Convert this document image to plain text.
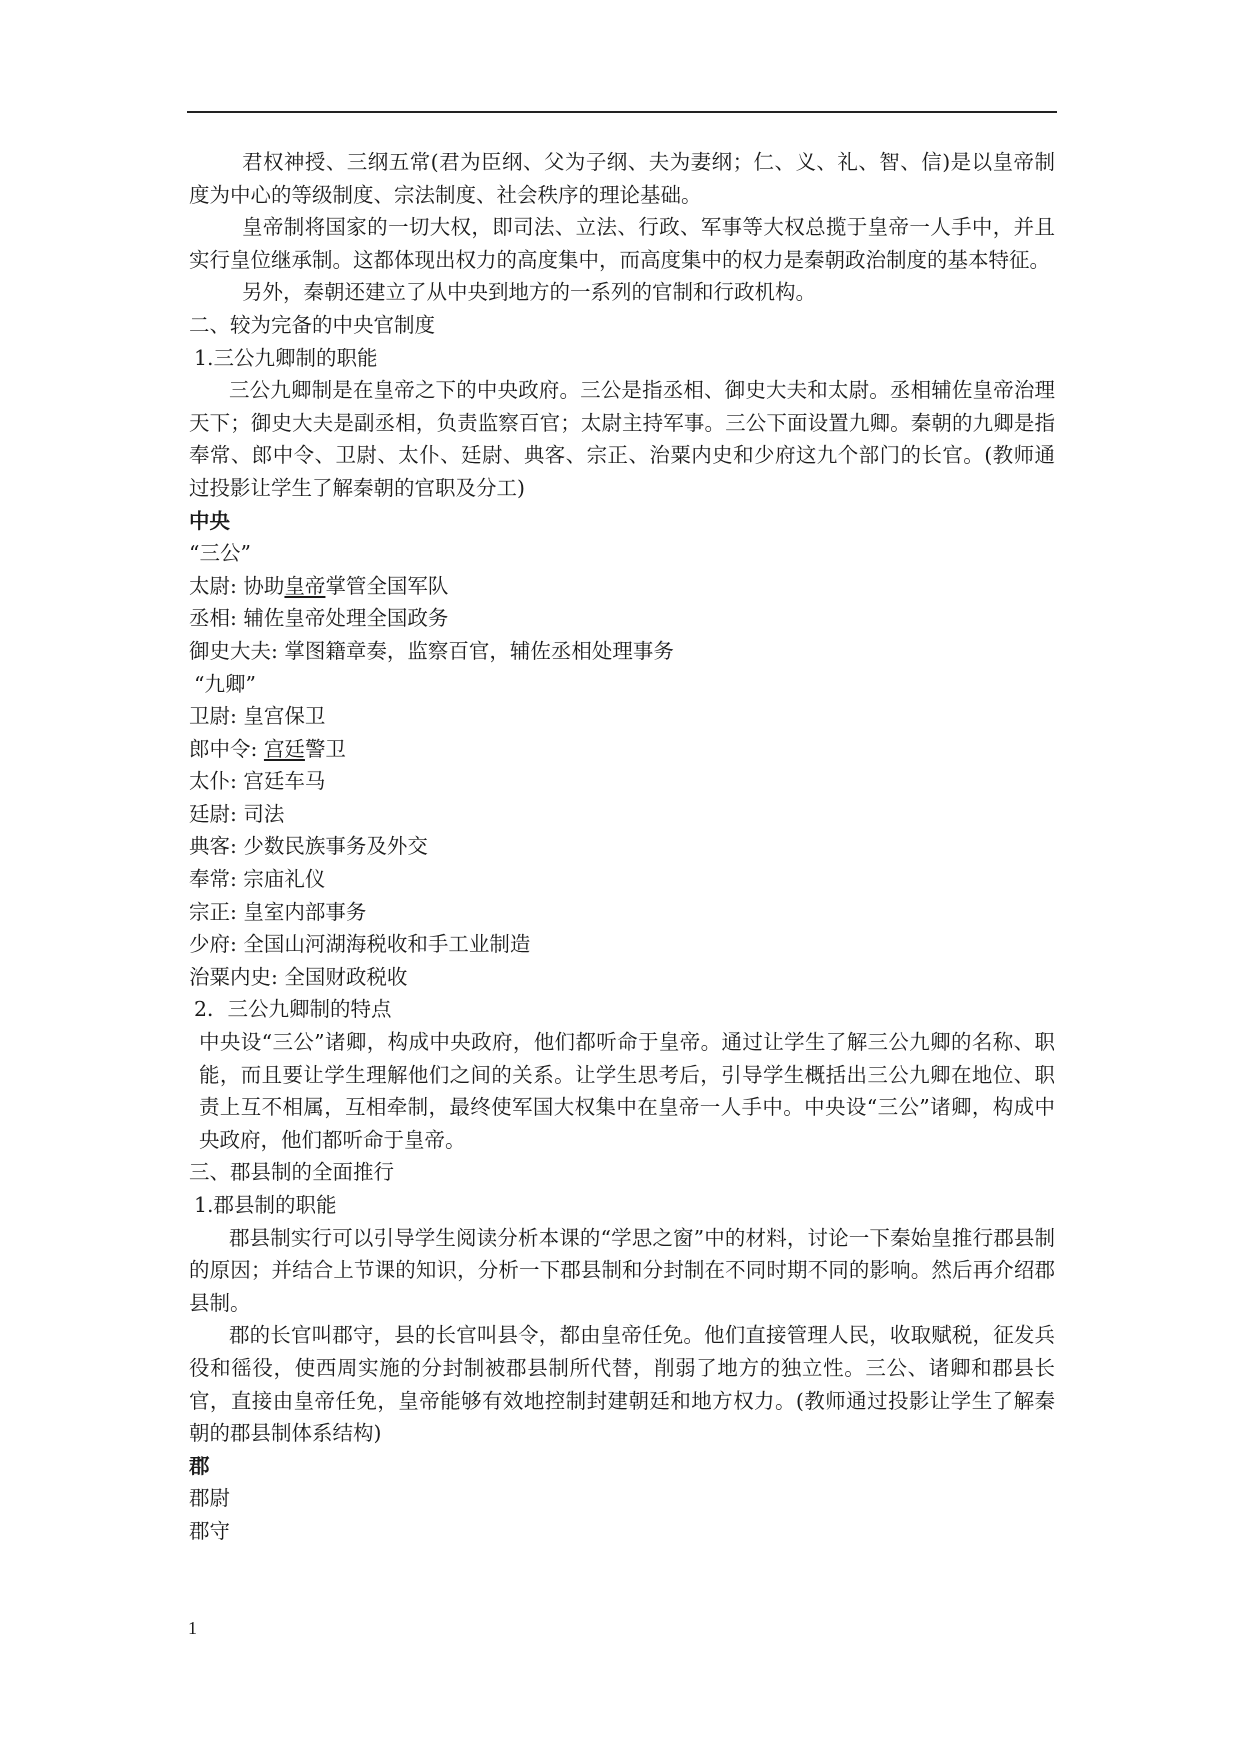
君权神授、三纲五常(君为臣纲、父为子纲、夫为妻纲；仁、义、礼、智、信)是以皇帝制度为中心的等级制度、宗法制度、社会秩序的理论基础。

皇帝制将国家的一切大权，即司法、立法、行政、军事等大权总揽于皇帝一人手中，并且实行皇位继承制。这都体现出权力的高度集中，而高度集中的权力是秦朝政治制度的基本特征。

另外，秦朝还建立了从中央到地方的一系列的官制和行政机构。

二、较为完备的中央官制度

1.三公九卿制的职能

三公九卿制是在皇帝之下的中央政府。三公是指丞相、御史大夫和太尉。丞相辅佐皇帝治理天下；御史大夫是副丞相，负责监察百官；太尉主持军事。三公下面设置九卿。秦朝的九卿是指奉常、郎中令、卫尉、太仆、廷尉、典客、宗正、治粟内史和少府这九个部门的长官。(教师通过投影让学生了解秦朝的官职及分工)

中央

“三公”

太尉: 协助皇帝掌管全国军队

丞相: 辅佐皇帝处理全国政务

御史大夫: 掌图籍章奏，监察百官，辅佐丞相处理事务

“九卿”

卫尉: 皇宫保卫

郎中令: 宫廷警卫

太仆: 宫廷车马

廷尉: 司法

典客: 少数民族事务及外交

奉常: 宗庙礼仪

宗正: 皇室内部事务

少府: 全国山河湖海税收和手工业制造

治粟内史: 全国财政税收

2．三公九卿制的特点

中央设“三公”诸卿，构成中央政府，他们都听命于皇帝。通过让学生了解三公九卿的名称、职能，而且要让学生理解他们之间的关系。让学生思考后，引导学生概括出三公九卿在地位、职责上互不相属，互相牵制，最终使军国大权集中在皇帝一人手中。中央设“三公”诸卿，构成中央政府，他们都听命于皇帝。

三、郡县制的全面推行

1.郡县制的职能

郡县制实行可以引导学生阅读分析本课的“学思之窗”中的材料，讨论一下秦始皇推行郡县制的原因；并结合上节课的知识，分析一下郡县制和分封制在不同时期不同的影响。然后再介绍郡县制。

郡的长官叫郡守，县的长官叫县令，都由皇帝任免。他们直接管理人民，收取赋税，征发兵役和徭役，使西周实施的分封制被郡县制所代替，削弱了地方的独立性。三公、诸卿和郡县长官，直接由皇帝任免，皇帝能够有效地控制封建朝廷和地方权力。(教师通过投影让学生了解秦朝的郡县制体系结构)

郡

郡尉

郡守

1
